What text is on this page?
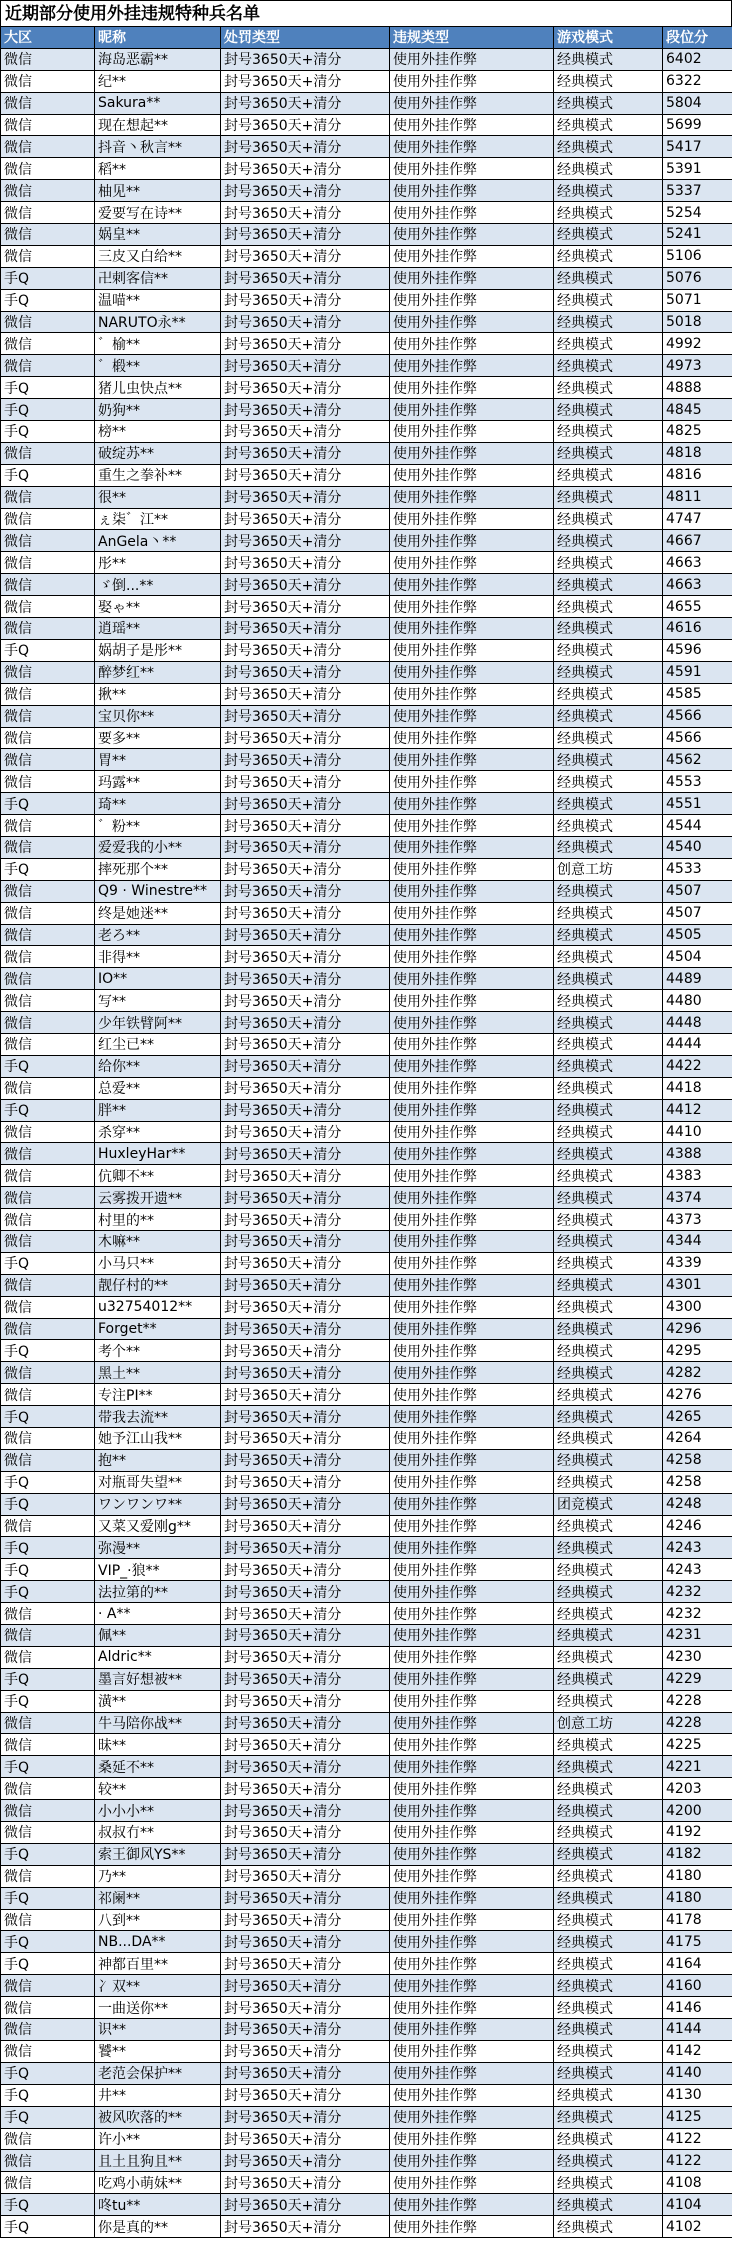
近期部分使用外挂违规特种兵名单
大区	昵称	处罚类型	违规类型	游戏模式	段位分
微信	海岛恶霸**	封号3650天+清分	使用外挂作弊	经典模式	6402
微信	纪**	封号3650天+清分	使用外挂作弊	经典模式	6322
微信	Sakura**	封号3650天+清分	使用外挂作弊	经典模式	5804
微信	现在想起**	封号3650天+清分	使用外挂作弊	经典模式	5699
微信	抖音丶秋言**	封号3650天+清分	使用外挂作弊	经典模式	5417
微信	稻**	封号3650天+清分	使用外挂作弊	经典模式	5391
微信	柚见**	封号3650天+清分	使用外挂作弊	经典模式	5337
微信	爱要写在诗**	封号3650天+清分	使用外挂作弊	经典模式	5254
微信	娲皇**	封号3650天+清分	使用外挂作弊	经典模式	5241
微信	三皮又白给**	封号3650天+清分	使用外挂作弊	经典模式	5106
手Q	卍刺客信**	封号3650天+清分	使用外挂作弊	经典模式	5076
手Q	温喵**	封号3650天+清分	使用外挂作弊	经典模式	5071
微信	NARUTO永**	封号3650天+清分	使用外挂作弊	经典模式	5018
微信	゛榆**	封号3650天+清分	使用外挂作弊	经典模式	4992
微信	゛椴**	封号3650天+清分	使用外挂作弊	经典模式	4973
手Q	猪儿虫快点**	封号3650天+清分	使用外挂作弊	经典模式	4888
手Q	奶狗**	封号3650天+清分	使用外挂作弊	经典模式	4845
手Q	榜**	封号3650天+清分	使用外挂作弊	经典模式	4825
微信	破绽苏**	封号3650天+清分	使用外挂作弊	经典模式	4818
手Q	重生之拳补**	封号3650天+清分	使用外挂作弊	经典模式	4816
微信	很**	封号3650天+清分	使用外挂作弊	经典模式	4811
微信	ぇ柒゛江**	封号3650天+清分	使用外挂作弊	经典模式	4747
微信	AnGela丶**	封号3650天+清分	使用外挂作弊	经典模式	4667
微信	彤**	封号3650天+清分	使用外挂作弊	经典模式	4663
微信	ゞ倒...**	封号3650天+清分	使用外挂作弊	经典模式	4663
微信	娶ゃ**	封号3650天+清分	使用外挂作弊	经典模式	4655
微信	逍瑶**	封号3650天+清分	使用外挂作弊	经典模式	4616
手Q	娲胡子是彤**	封号3650天+清分	使用外挂作弊	经典模式	4596
微信	醉梦红**	封号3650天+清分	使用外挂作弊	经典模式	4591
微信	揪**	封号3650天+清分	使用外挂作弊	经典模式	4585
微信	宝贝你**	封号3650天+清分	使用外挂作弊	经典模式	4566
微信	要多**	封号3650天+清分	使用外挂作弊	经典模式	4566
微信	胃**	封号3650天+清分	使用外挂作弊	经典模式	4562
微信	玛露**	封号3650天+清分	使用外挂作弊	经典模式	4553
手Q	琦**	封号3650天+清分	使用外挂作弊	经典模式	4551
微信	゛粉**	封号3650天+清分	使用外挂作弊	经典模式	4544
微信	爱爱我的小**	封号3650天+清分	使用外挂作弊	经典模式	4540
手Q	摔死那个**	封号3650天+清分	使用外挂作弊	创意工坊	4533
微信	Q9 · Winestre**	封号3650天+清分	使用外挂作弊	经典模式	4507
微信	终是她迷**	封号3650天+清分	使用外挂作弊	经典模式	4507
微信	老ろ**	封号3650天+清分	使用外挂作弊	经典模式	4505
微信	非得**	封号3650天+清分	使用外挂作弊	经典模式	4504
微信	IO**	封号3650天+清分	使用外挂作弊	经典模式	4489
微信	写**	封号3650天+清分	使用外挂作弊	经典模式	4480
微信	少年铁臂阿**	封号3650天+清分	使用外挂作弊	经典模式	4448
微信	红尘已**	封号3650天+清分	使用外挂作弊	经典模式	4444
手Q	给你**	封号3650天+清分	使用外挂作弊	经典模式	4422
微信	总爱**	封号3650天+清分	使用外挂作弊	经典模式	4418
手Q	胖**	封号3650天+清分	使用外挂作弊	经典模式	4412
微信	杀穿**	封号3650天+清分	使用外挂作弊	经典模式	4410
微信	HuxleyHar**	封号3650天+清分	使用外挂作弊	经典模式	4388
微信	伉卿不**	封号3650天+清分	使用外挂作弊	经典模式	4383
微信	云雾拨开遗**	封号3650天+清分	使用外挂作弊	经典模式	4374
微信	村里的**	封号3650天+清分	使用外挂作弊	经典模式	4373
微信	木嘛**	封号3650天+清分	使用外挂作弊	经典模式	4344
手Q	小马只**	封号3650天+清分	使用外挂作弊	经典模式	4339
微信	靓仔村的**	封号3650天+清分	使用外挂作弊	经典模式	4301
微信	u32754012**	封号3650天+清分	使用外挂作弊	经典模式	4300
微信	Forget**	封号3650天+清分	使用外挂作弊	经典模式	4296
手Q	考个**	封号3650天+清分	使用外挂作弊	经典模式	4295
微信	黑土**	封号3650天+清分	使用外挂作弊	经典模式	4282
微信	专注PI**	封号3650天+清分	使用外挂作弊	经典模式	4276
手Q	带我去流**	封号3650天+清分	使用外挂作弊	经典模式	4265
微信	她予江山我**	封号3650天+清分	使用外挂作弊	经典模式	4264
微信	抱**	封号3650天+清分	使用外挂作弊	经典模式	4258
手Q	对瓶哥失望**	封号3650天+清分	使用外挂作弊	经典模式	4258
手Q	ワンワンワ**	封号3650天+清分	使用外挂作弊	团竞模式	4248
微信	又菜又爱刚g**	封号3650天+清分	使用外挂作弊	经典模式	4246
手Q	弥漫**	封号3650天+清分	使用外挂作弊	经典模式	4243
手Q	VIP_·狼**	封号3650天+清分	使用外挂作弊	经典模式	4243
手Q	法拉第的**	封号3650天+清分	使用外挂作弊	经典模式	4232
微信	· A**	封号3650天+清分	使用外挂作弊	经典模式	4232
微信	佩**	封号3650天+清分	使用外挂作弊	经典模式	4231
微信	Aldric**	封号3650天+清分	使用外挂作弊	经典模式	4230
手Q	墨言好想被**	封号3650天+清分	使用外挂作弊	经典模式	4229
手Q	潢**	封号3650天+清分	使用外挂作弊	经典模式	4228
微信	牛马陪你战**	封号3650天+清分	使用外挂作弊	创意工坊	4228
微信	昧**	封号3650天+清分	使用外挂作弊	经典模式	4225
手Q	桑延不**	封号3650天+清分	使用外挂作弊	经典模式	4221
微信	较**	封号3650天+清分	使用外挂作弊	经典模式	4203
微信	小小小**	封号3650天+清分	使用外挂作弊	经典模式	4200
微信	叔叔冇**	封号3650天+清分	使用外挂作弊	经典模式	4192
手Q	索王御风YS**	封号3650天+清分	使用外挂作弊	经典模式	4182
微信	乃**	封号3650天+清分	使用外挂作弊	经典模式	4180
手Q	祁阑**	封号3650天+清分	使用外挂作弊	经典模式	4180
微信	八到**	封号3650天+清分	使用外挂作弊	经典模式	4178
手Q	NB...DA**	封号3650天+清分	使用外挂作弊	经典模式	4175
手Q	神都百里**	封号3650天+清分	使用外挂作弊	经典模式	4164
微信	冫双**	封号3650天+清分	使用外挂作弊	经典模式	4160
微信	一曲送你**	封号3650天+清分	使用外挂作弊	经典模式	4146
微信	识**	封号3650天+清分	使用外挂作弊	经典模式	4144
微信	饕**	封号3650天+清分	使用外挂作弊	经典模式	4142
手Q	老范会保护**	封号3650天+清分	使用外挂作弊	经典模式	4140
手Q	井**	封号3650天+清分	使用外挂作弊	经典模式	4130
手Q	被风吹落的**	封号3650天+清分	使用外挂作弊	经典模式	4125
微信	许小**	封号3650天+清分	使用外挂作弊	经典模式	4122
微信	且土且狗且**	封号3650天+清分	使用外挂作弊	经典模式	4122
微信	吃鸡小萌妹**	封号3650天+清分	使用外挂作弊	经典模式	4108
手Q	咚tu**	封号3650天+清分	使用外挂作弊	经典模式	4104
手Q	你是真的**	封号3650天+清分	使用外挂作弊	经典模式	4102
